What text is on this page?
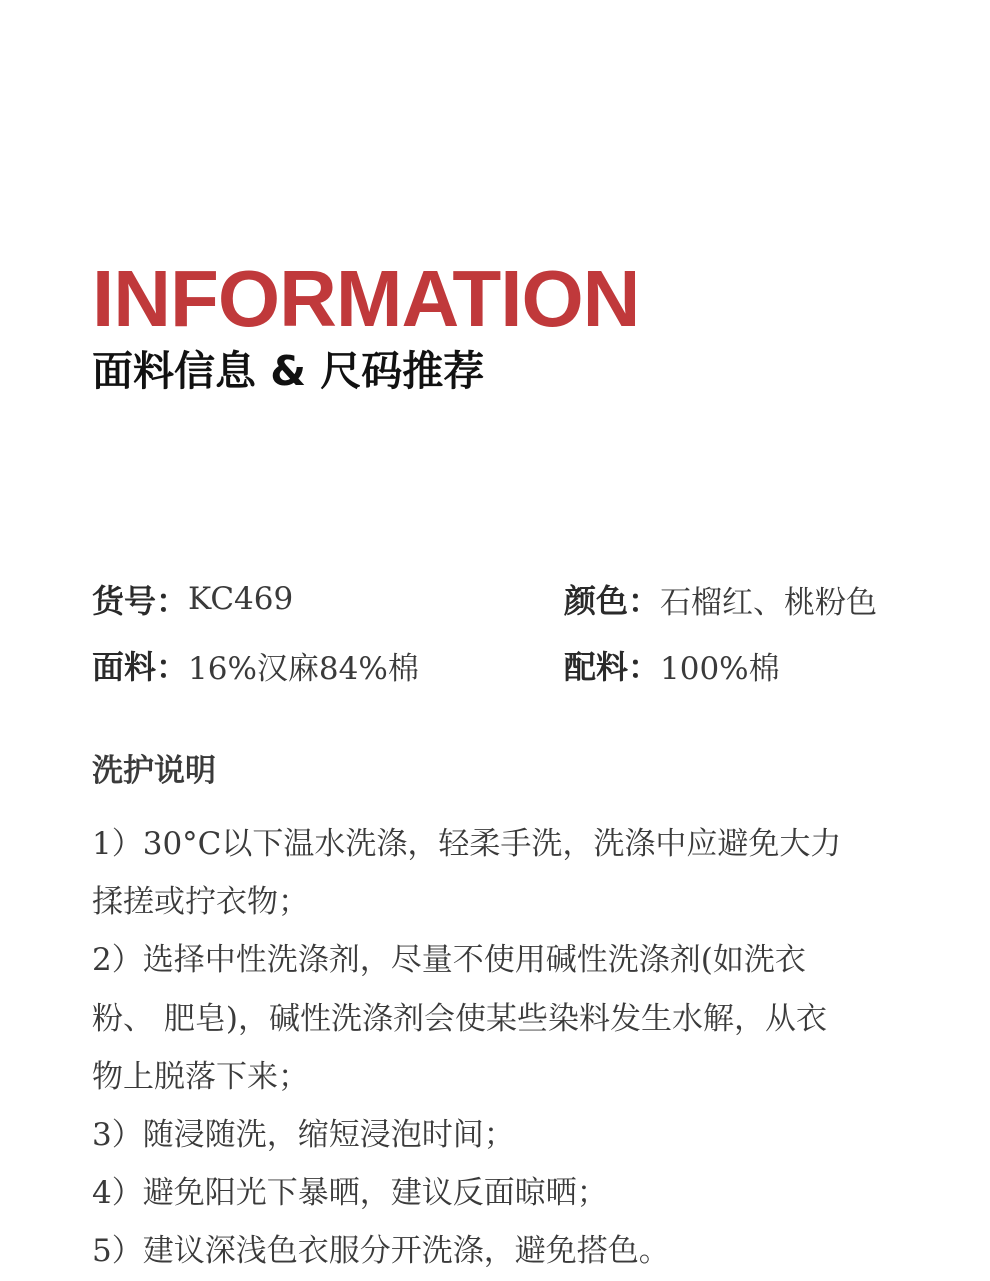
INFORMATION
面料信息 & 尺码推荐
货号： KC469	颜色： 石榴红、桃粉色
面料： 16%汉麻84%棉	配料： 100%棉
洗护说明
1）30°C以下温水洗涤，轻柔手洗，洗涤中应避免大力
揉搓或拧衣物；
2）选择中性洗涤剂，尽量不使用碱性洗涤剂(如洗衣
粉、 肥皂)，碱性洗涤剂会使某些染料发生水解，从衣
物上脱落下来；
3）随浸随洗，缩短浸泡时间；
4）避免阳光下暴晒，建议反面晾晒；
5）建议深浅色衣服分开洗涤，避免搭色。
